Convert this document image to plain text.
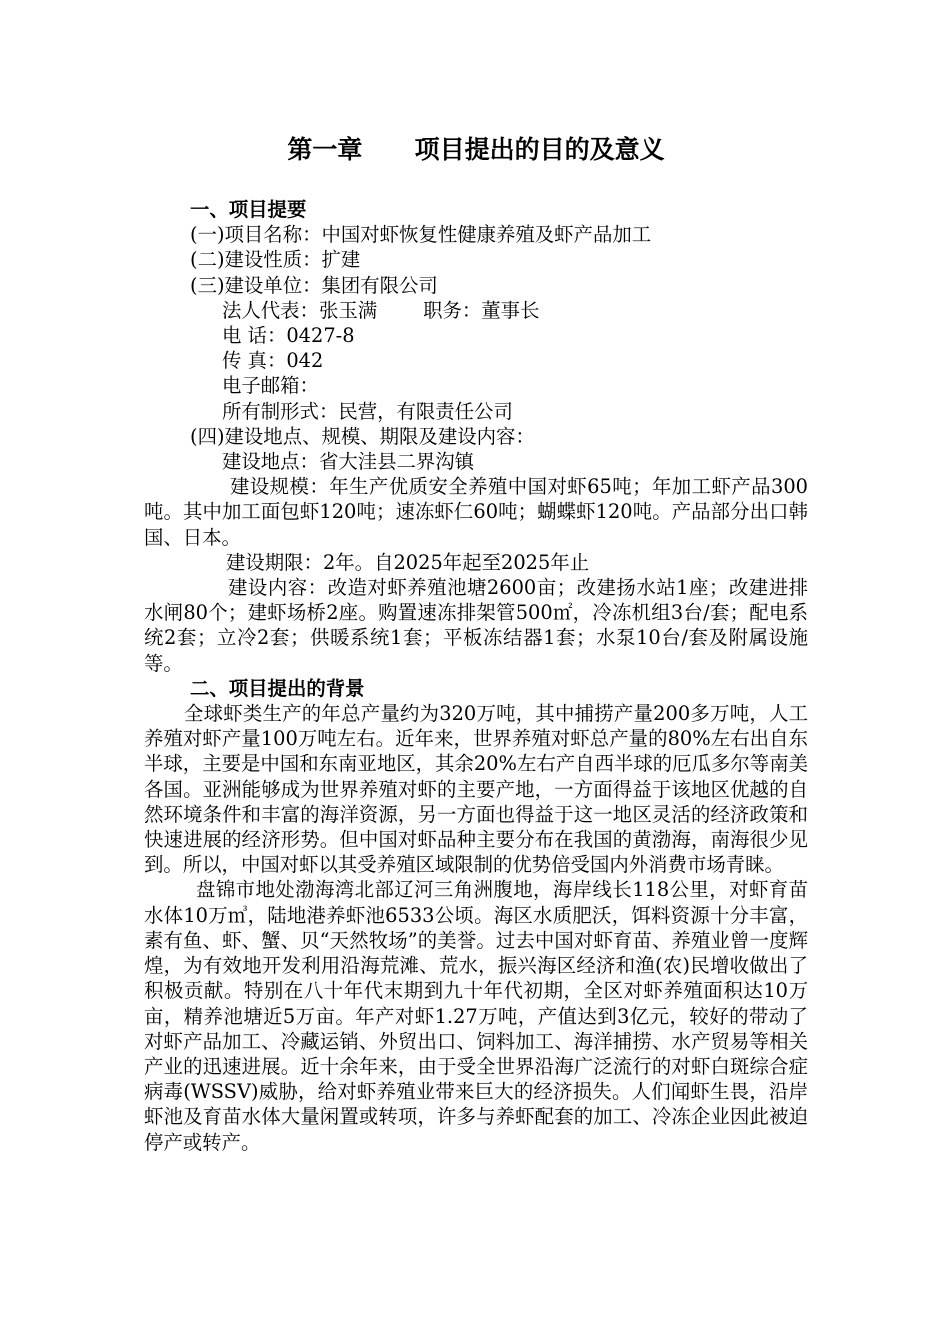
第一章      项目提出的目的及意义

一、项目提要

(一)项目名称：中国对虾恢复性健康养殖及虾产品加工

(二)建设性质：扩建

(三)建设单位：集团有限公司

法人代表：张玉满 职务：董事长

电 话：0427-8

传 真：042

电子邮箱：

所有制形式：民营，有限责任公司

(四)建设地点、规模、期限及建设内容：

建设地点：省大洼县二界沟镇

建设规模：年生产优质安全养殖中国对虾65吨；年加工虾产品300吨。其中加工面包虾120吨；速冻虾仁60吨；蝴蝶虾120吨。产品部分出口韩国、日本。

建设期限：2年。自2025年起至2025年止

建设内容：改造对虾养殖池塘2600亩；改建扬水站1座；改建进排水闸80个；建虾场桥2座。购置速冻排架管500㎡，冷冻机组3台/套；配电系统2套；立冷2套；供暖系统1套；平板冻结器1套；水泵10台/套及附属设施等。

二、项目提出的背景

全球虾类生产的年总产量约为320万吨，其中捕捞产量200多万吨，人工养殖对虾产量100万吨左右。近年来，世界养殖对虾总产量的80%左右出自东半球，主要是中国和东南亚地区，其余20%左右产自西半球的厄瓜多尔等南美各国。亚洲能够成为世界养殖对虾的主要产地，一方面得益于该地区优越的自然环境条件和丰富的海洋资源，另一方面也得益于这一地区灵活的经济政策和快速进展的经济形势。但中国对虾品种主要分布在我国的黄渤海，南海很少见到。所以，中国对虾以其受养殖区域限制的优势倍受国内外消费市场青睐。

盘锦市地处渤海湾北部辽河三角洲腹地，海岸线长118公里，对虾育苗水体10万㎥，陆地港养虾池6533公顷。海区水质肥沃，饵料资源十分丰富，素有鱼、虾、蟹、贝“天然牧场”的美誉。过去中国对虾育苗、养殖业曾一度辉煌，为有效地开发利用沿海荒滩、荒水，振兴海区经济和渔(农)民增收做出了积极贡献。特别在八十年代末期到九十年代初期，全区对虾养殖面积达10万亩，精养池塘近5万亩。年产对虾1.27万吨，产值达到3亿元，较好的带动了对虾产品加工、冷藏运销、外贸出口、饲料加工、海洋捕捞、水产贸易等相关产业的迅速进展。近十余年来，由于受全世界沿海广泛流行的对虾白斑综合症病毒(WSSV)威胁，给对虾养殖业带来巨大的经济损失。人们闻虾生畏，沿岸虾池及育苗水体大量闲置或转项，许多与养虾配套的加工、冷冻企业因此被迫停产或转产。
